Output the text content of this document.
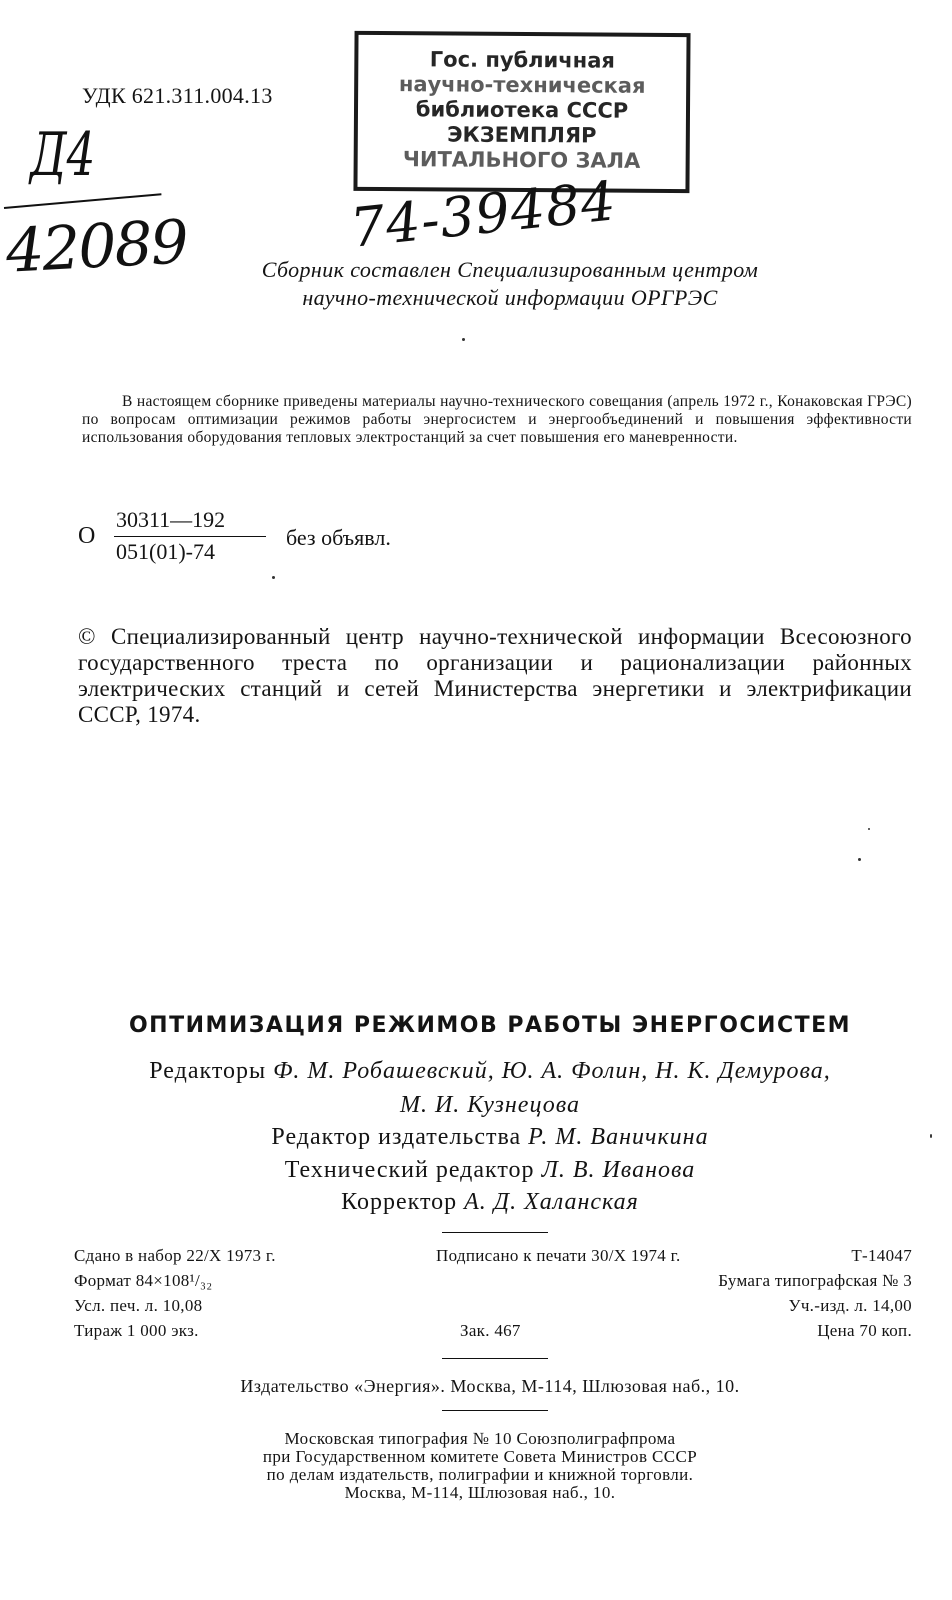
УДК 621.311.004.13
Гос. публичная
научно-техническая
библиотека СССР
ЭКЗЕМПЛЯР
ЧИТАЛЬНОГО ЗАЛА
Д4
42089	74-39484
Сборник составлен Специализированным центром
научно-технической информации ОРГРЭС
В настоящем сборнике приведены материалы научно-технического совещания (апрель 1972 г., Конаковская ГРЭС) по вопросам оптимизации режимов работы энергосистем и энергообъединений и повышения эффективности использования оборудования тепловых электростанций за счет повышения его маневренности.
О
30311—192
051(01)-74
без объявл.
© Специализированный центр научно-технической информации Всесоюзного государственного треста по организации и рационализации районных электрических станций и сетей Министерства энергетики и электрификации СССР, 1974.
ОПТИМИЗАЦИЯ РЕЖИМОВ РАБОТЫ ЭНЕРГОСИСТЕМ
Редакторы Ф. М. Робашевский, Ю. А. Фолин, Н. К. Демурова,
М. И. Кузнецова
Редактор издательства Р. М. Ваничкина
Технический редактор Л. В. Иванова
Корректор А. Д. Халанская
Сдано в набор 22/X 1973 г.	Подписано к печати 30/X 1974 г.	Т-14047
Формат 84×108¹/₃₂	Бумага типографская № 3
Усл. печ. л. 10,08	Уч.-изд. л. 14,00
Тираж 1 000 экз.	Зак. 467	Цена 70 коп.
Издательство «Энергия». Москва, М-114, Шлюзовая наб., 10.
Московская типография № 10 Союзполиграфпрома
при Государственном комитете Совета Министров СССР
по делам издательств, полиграфии и книжной торговли.
Москва, М-114, Шлюзовая наб., 10.
